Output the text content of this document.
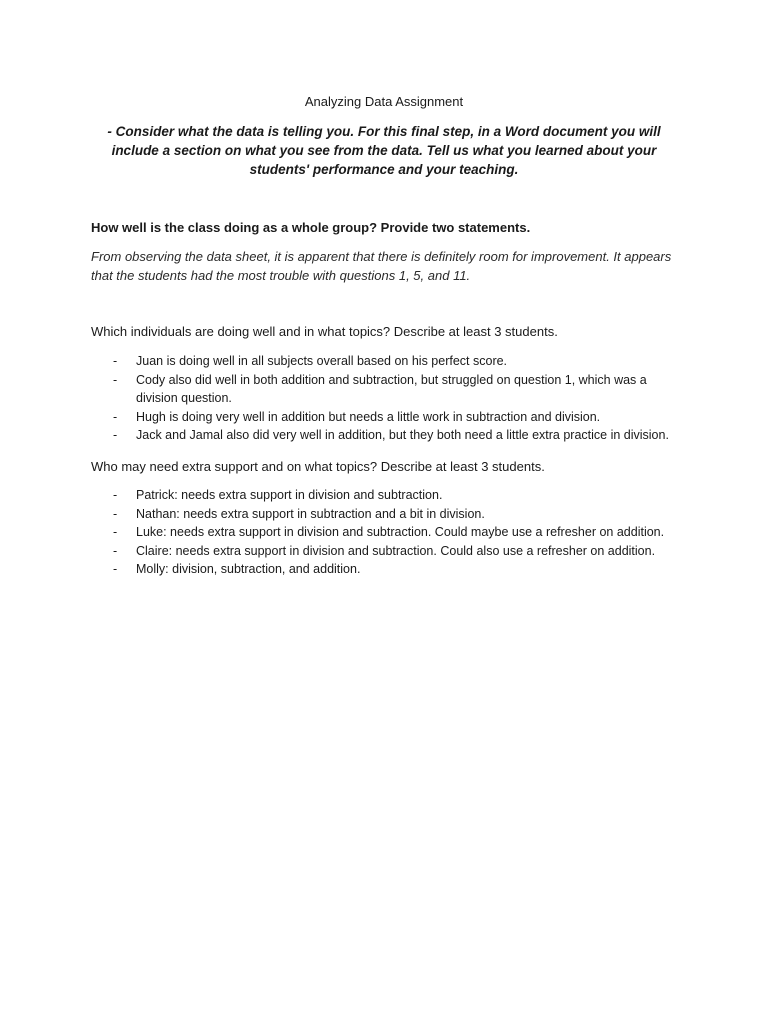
Analyzing Data Assignment
- Consider what the data is telling you. For this final step, in a Word document you will include a section on what you see from the data. Tell us what you learned about your students' performance and your teaching.
How well is the class doing as a whole group? Provide two statements.
From observing the data sheet, it is apparent that there is definitely room for improvement. It appears that the students had the most trouble with questions 1, 5, and 11.
Which individuals are doing well and in what topics? Describe at least 3 students.
- Juan is doing well in all subjects overall based on his perfect score.
- Cody also did well in both addition and subtraction, but struggled on question 1, which was a division question.
- Hugh is doing very well in addition but needs a little work in subtraction and division.
- Jack and Jamal also did very well in addition, but they both need a little extra practice in division.
Who may need extra support and on what topics? Describe at least 3 students.
- Patrick: needs extra support in division and subtraction.
- Nathan: needs extra support in subtraction and a bit in division.
- Luke: needs extra support in division and subtraction. Could maybe use a refresher on addition.
- Claire: needs extra support in division and subtraction. Could also use a refresher on addition.
- Molly: division, subtraction, and addition.
